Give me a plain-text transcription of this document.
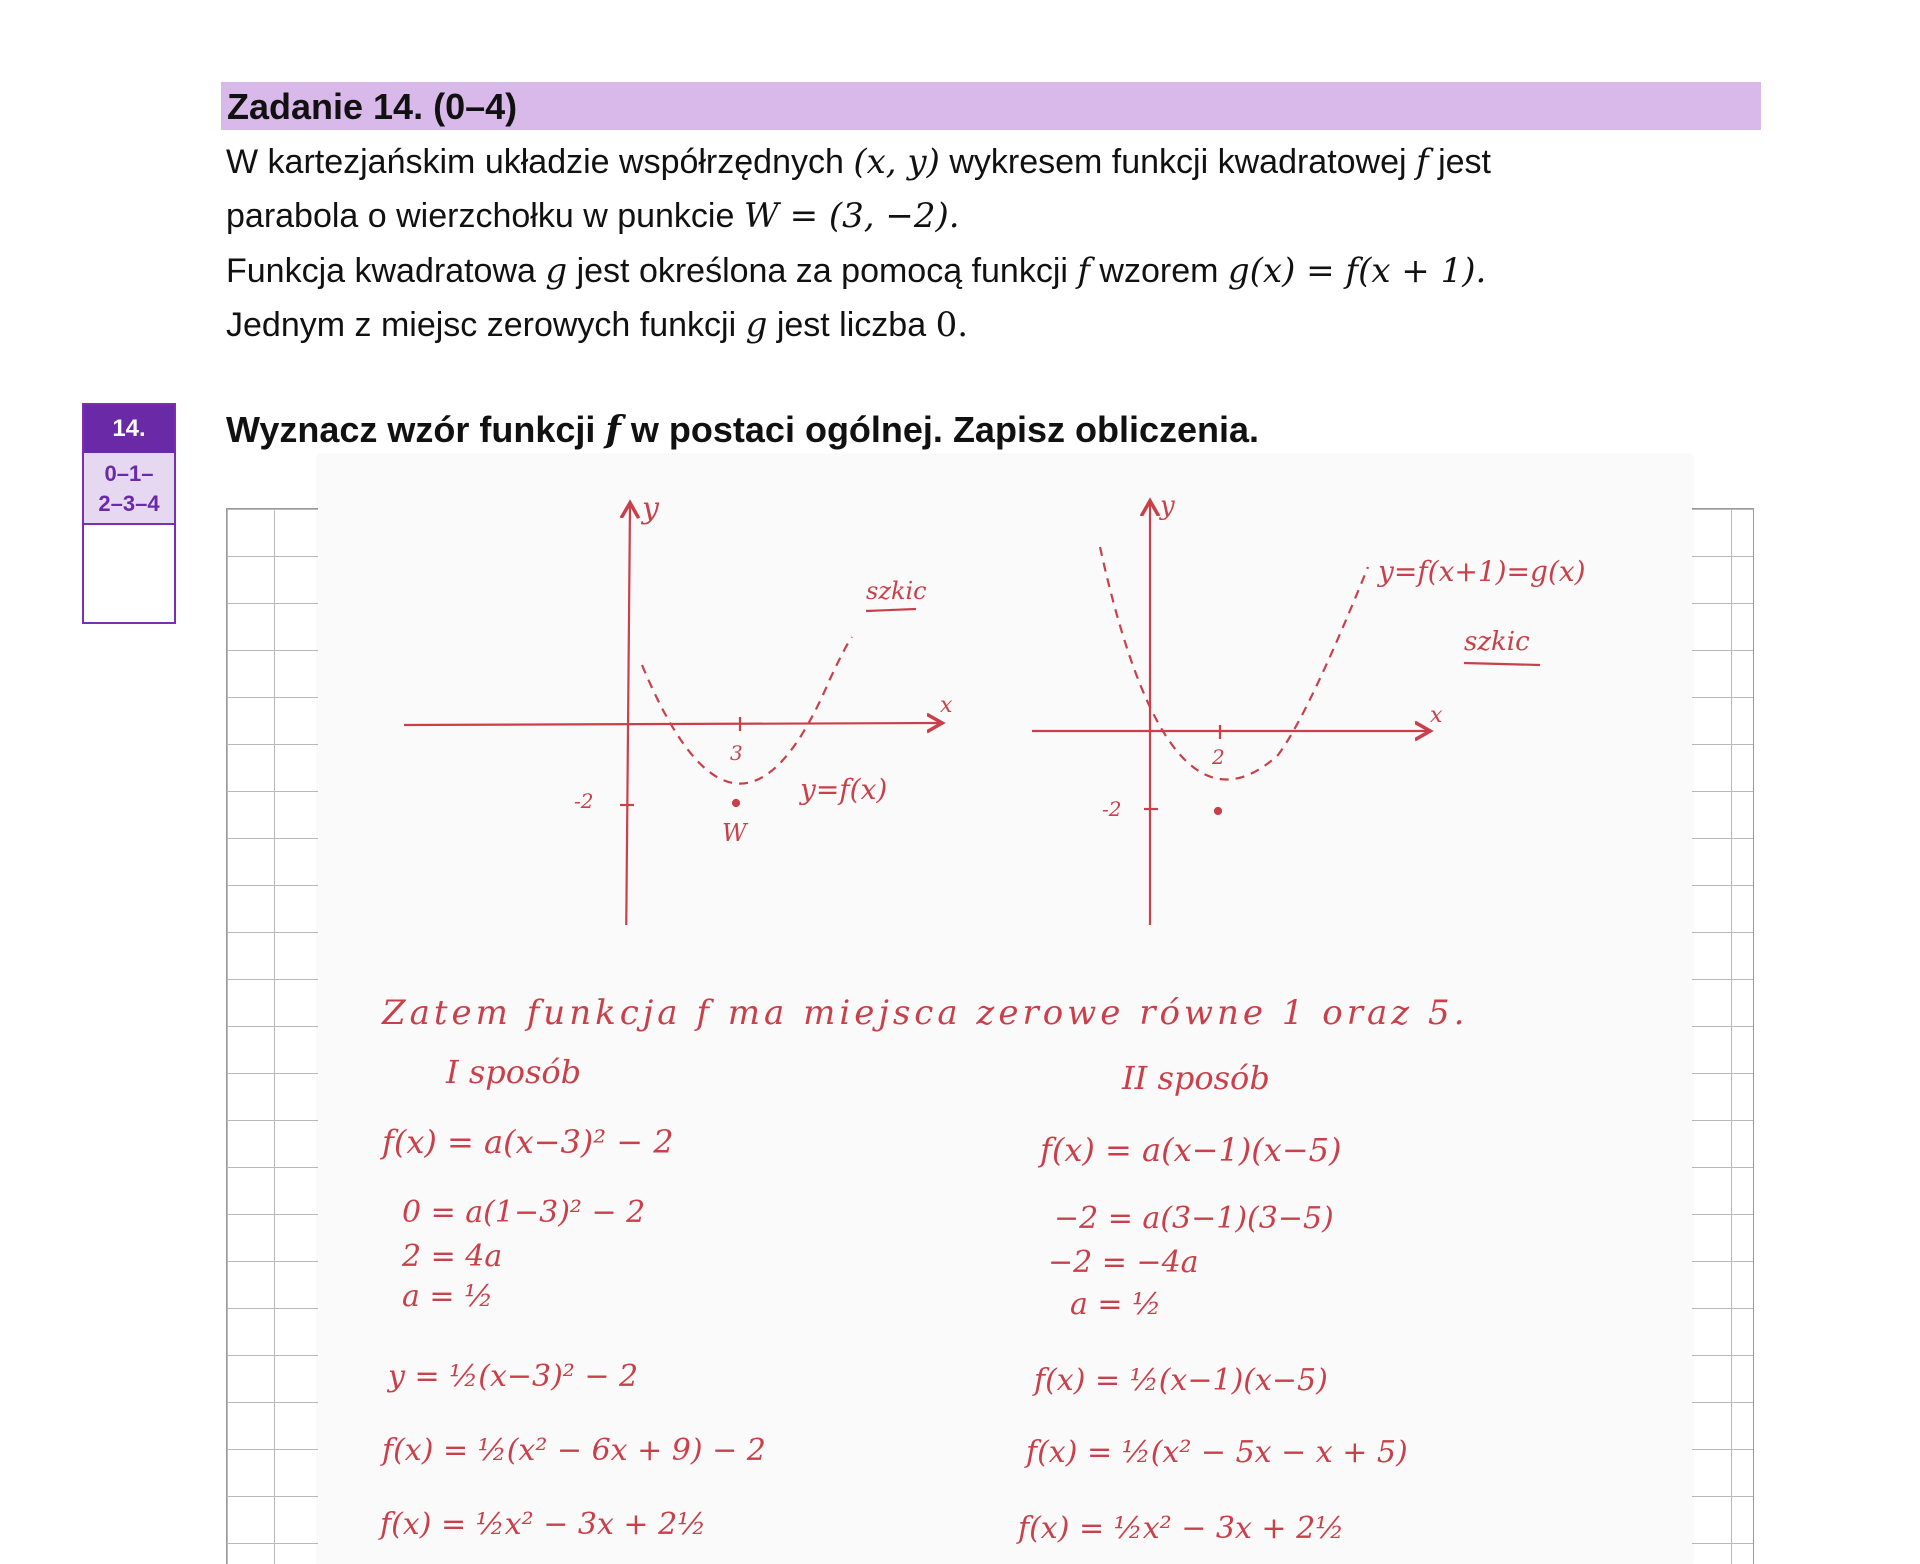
Zadanie 14. (0–4)
W kartezjańskim układzie współrzędnych (x, y) wykresem funkcji kwadratowej f jest
parabola o wierzchołku w punkcie W = (3, −2).
Funkcja kwadratowa g jest określona za pomocą funkcji f wzorem g(x) = f(x + 1).
Jednym z miejsc zerowych funkcji g jest liczba 0.
14.
0–1–
2–3–4
Wyznacz wzór funkcji f w postaci ogólnej. Zapisz obliczenia.
y
x
3
-2
W
szkic
y=f(x)
y
x
2
-2
szkic
y=f(x+1)=g(x)
Zatem funkcja f ma miejsca zerowe równe 1 oraz 5.
I sposób
f(x) = a(x−3)² − 2
0 = a(1−3)² − 2
2 = 4a
a = ½
y = ½(x−3)² − 2
f(x) = ½(x² − 6x + 9) − 2
f(x) = ½x² − 3x + 2½
II sposób
f(x) = a(x−1)(x−5)
−2 = a(3−1)(3−5)
−2 = −4a
a = ½
f(x) = ½(x−1)(x−5)
f(x) = ½(x² − 5x − x + 5)
f(x) = ½x² − 3x + 2½
